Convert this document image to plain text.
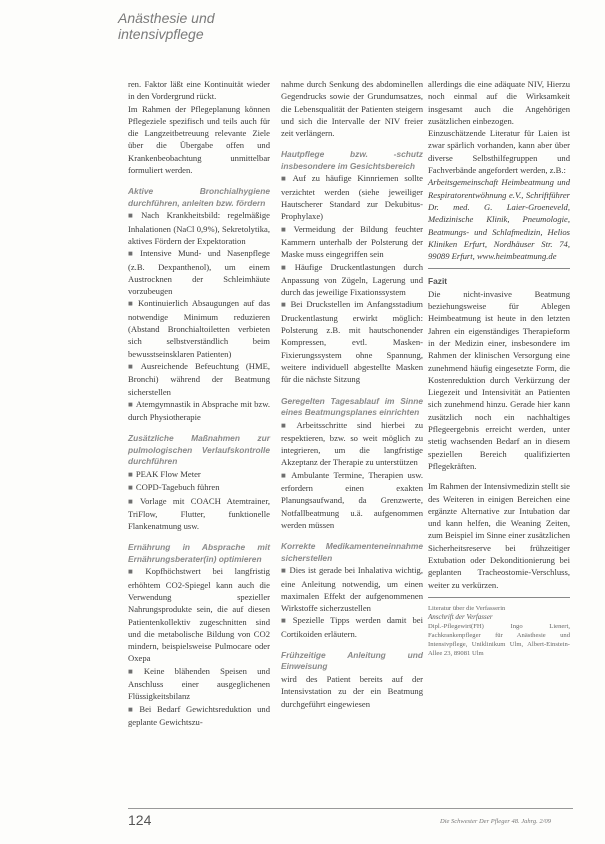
Anästhesie und

intensivpflege

ren. Faktor läßt eine Kontinuität wieder in den Vordergrund rückt.

Im Rahmen der Pflegeplanung können Pflegeziele spezifisch und teils auch für die Langzeitbetreuung relevante Ziele über die Übergabe offen und Krankenbeobachtung unmittelbar formuliert werden.

Aktive Bronchialhygiene durchführen, anleiten bzw. fördern

■ Nach Krankheitsbild: regelmäßige Inhalationen (NaCl 0,9%), Sekretolytika, aktives Fördern der Expektoration

■ Intensive Mund- und Nasenpflege (z.B. Dexpanthenol), um einem Austrocknen der Schleimhäute vorzubeugen

■ Kontinuierlich Absaugungen auf das notwendige Minimum reduzieren (Abstand Bronchialtoiletten verbieten sich selbstverständlich beim bewusstseinsklaren Patienten)

■ Ausreichende Befeuchtung (HME, Bronchi) während der Beatmung sicherstellen

■ Atemgymnastik in Absprache mit bzw. durch Physiotherapie

Zusätzliche Maßnahmen zur pulmologischen Verlaufskontrolle durchführen

■ PEAK Flow Meter

■ COPD-Tagebuch führen

■ Vorlage mit COACH Atemtrainer, TriFlow, Flutter, funktionelle Flankenatmung usw.

Ernährung in Absprache mit Ernährungsberater(in) optimieren

■ Kopfhöchstwert bei langfristig erhöhtem CO2-Spiegel kann auch die Verwendung spezieller Nahrungsprodukte sein, die auf diesen Patientenkollektiv zugeschnitten sind und die metabolische Bildung von CO2 mindern, beispielsweise Pulmocare oder Oxepa

■ Keine blähenden Speisen und Anschluss einer ausgeglichenen Flüssigkeitsbilanz

■ Bei Bedarf Gewichtsreduktion und geplante Gewichtszu-

nahme durch Senkung des abdominellen Gegendrucks sowie der Grundumsatzes, die Lebensqualität der Patienten steigern und sich die Intervalle der NIV freier zeit verlängern.

Hautpflege bzw. -schutz insbesondere im Gesichtsbereich

■ Auf zu häufige Kinnriemen sollte verzichtet werden (siehe jeweiliger Hautscherer Standard zur Dekubitus-Prophylaxe)

■ Vermeidung der Bildung feuchter Kammern unterhalb der Polsterung der Maske muss eingegriffen sein

■ Häufige Druckentlastungen durch Anpassung von Zügeln, Lagerung und durch das jeweilige Fixationssystem

■ Bei Druckstellen im Anfangsstadium Druckentlastung erwirkt möglich: Polsterung z.B. mit hautschonender Kompressen, evtl. Masken-Fixierungssystem ohne Spannung, weitere individuell abgestellte Masken für die nächste Sitzung

Geregelten Tagesablauf im Sinne eines Beatmungsplanes einrichten

■ Arbeitsschritte sind hierbei zu respektieren, bzw. so weit möglich zu integrieren, um die langfristige Akzeptanz der Therapie zu unterstützen

■ Ambulante Termine, Therapien usw. erfordern einen exakten Planungsaufwand, da Grenzwerte, Notfallbeatmung u.ä. aufgenommen werden müssen

Korrekte Medikamenteneinnahme sicherstellen

■ Dies ist gerade bei Inhalativa wichtig, eine Anleitung notwendig, um einen maximalen Effekt der aufgenommenen Wirkstoffe sicherzustellen

■ Spezielle Tipps werden damit bei Cortikoiden erläutern.

Frühzeitige Anleitung und Einweisung

wird des Patient bereits auf der Intensivstation zu der ein Beatmung durchgeführt eingewiesen

allerdings die eine adäquate NIV, Hierzu noch einmal auf die Wirksamkeit insgesamt auch die Angehörigen zusätzlichen einbezogen.

Einzuschätzende Literatur für Laien ist zwar spärlich vorhanden, kann aber über diverse Selbsthilfegruppen und Fachverbände angefordert werden, z.B.:

Arbeitsgemeinschaft Heimbeatmung und Respiratorentwöhnung e.V., Schriftführer Dr. med. G. Laier-Groeneveld, Medizinische Klinik, Pneumologie, Beatmungs- und Schlafmedizin, Helios Kliniken Erfurt, Nordhäuser Str. 74, 99089 Erfurt, www.heimbeatmung.de

Fazit

Die nicht-invasive Beatmung beziehungsweise für Ablegen Heimbeatmung ist heute in den letzten Jahren ein eigenständiges Therapieform in der Medizin einer, insbesondere im Rahmen der klinischen Versorgung eine zunehmend häufig eingesetzte Form, die Kostenreduktion durch Verkürzung der Liegezeit und Intensivität an Patienten sich zunehmend hinzu. Gerade hier kann zusätzlich noch ein nachhaltiges Pflegeergebnis erreicht werden, unter stetig wachsenden Bedarf an in diesem speziellen Bereich qualifizierten Pflegekräften.

Im Rahmen der Intensivmedizin stellt sie des Weiteren in einigen Bereichen eine ergänzte Alternative zur Intubation dar und kann helfen, die Weaning Zeiten, zum Beispiel im Sinne einer zusätzlichen Sicherheitsreserve bei frühzeitiger Extubation oder Dekonditionierung bei geplanten Tracheostomie-Verschluss, weiter zu verkürzen.

Literatur über die Verfasserin

Anschrift der Verfasser

Dipl.-Pflegewirt(FH) Ingo Lienert, Fachkrankenpfleger für Anästhesie und Intensivpflege, Uniklinikum Ulm, Albert-Einstein-Allee 23, 89081 Ulm

124	Die Schwester Der Pfleger 48. Jahrg. 2/09
